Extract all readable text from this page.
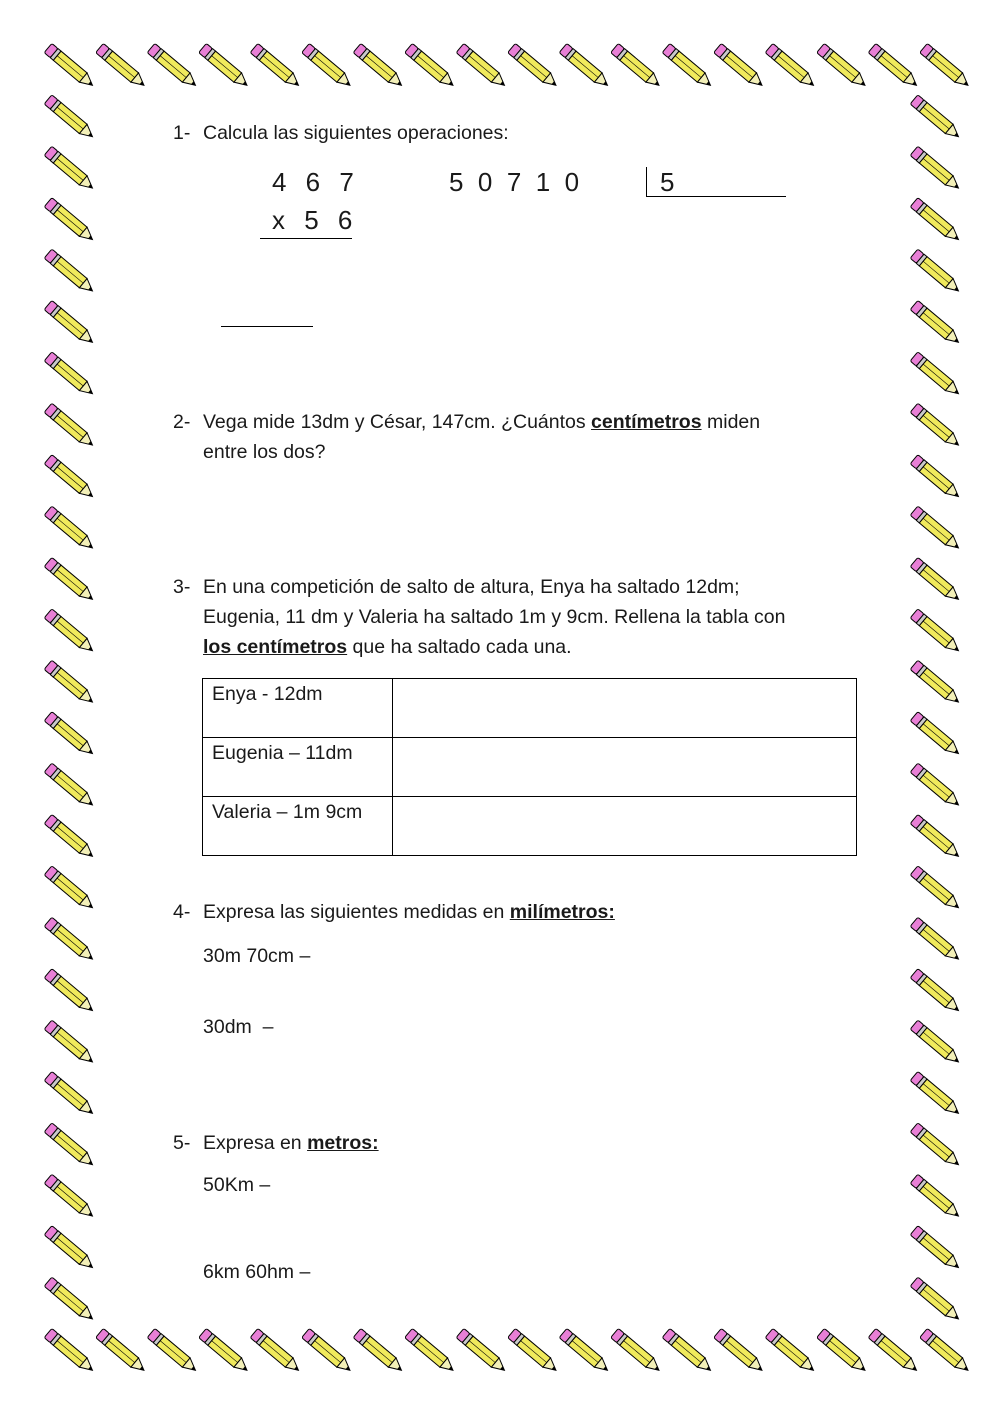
1- Calcula las siguientes operaciones:
4 6 7
x 5 6
5  0  7  1  0	5
2- Vega mide 13dm y César, 147cm. ¿Cuántos centímetros miden
entre los dos?
3- En una competición de salto de altura, Enya ha saltado 12dm;
Eugenia, 11 dm y Valeria ha saltado 1m y 9cm. Rellena la tabla con
los centímetros que ha saltado cada una.
Enya - 12dm	
Eugenia – 11dm	
Valeria – 1m 9cm	
4- Expresa las siguientes medidas en milímetros:
30m 70cm –
30dm  –
5- Expresa en metros:
50Km –
6km 60hm –
